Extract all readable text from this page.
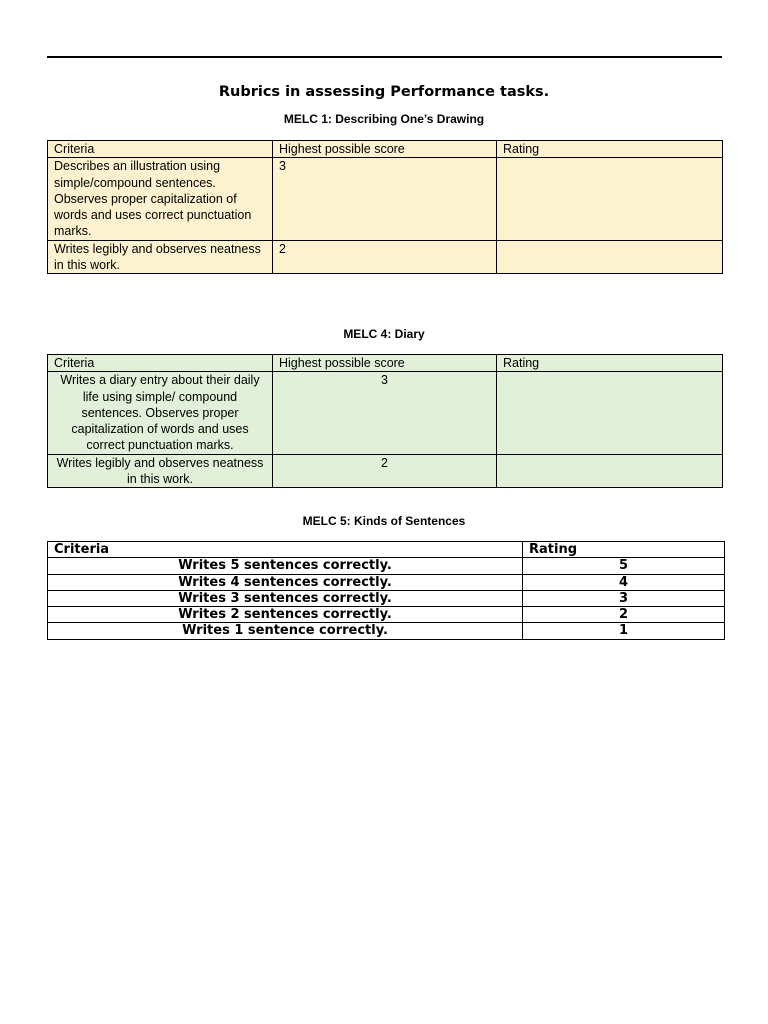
Rubrics in assessing Performance tasks.
MELC 1: Describing One’s Drawing
Criteria	Highest possible score	Rating
Describes an illustration using simple/compound sentences. Observes proper capitalization of words and uses correct punctuation marks.	3	
Writes legibly and observes neatness in this work.	2	
MELC 4: Diary
Criteria	Highest possible score	Rating
Writes a diary entry about their daily life using simple/ compound sentences. Observes proper capitalization of words and uses correct punctuation marks.	3	
Writes legibly and observes neatness in this work.	2	
MELC 5: Kinds of Sentences
Criteria	Rating
Writes 5 sentences correctly.	5
Writes 4 sentences correctly.	4
Writes 3 sentences correctly.	3
Writes 2 sentences correctly.	2
Writes 1 sentence correctly.	1
